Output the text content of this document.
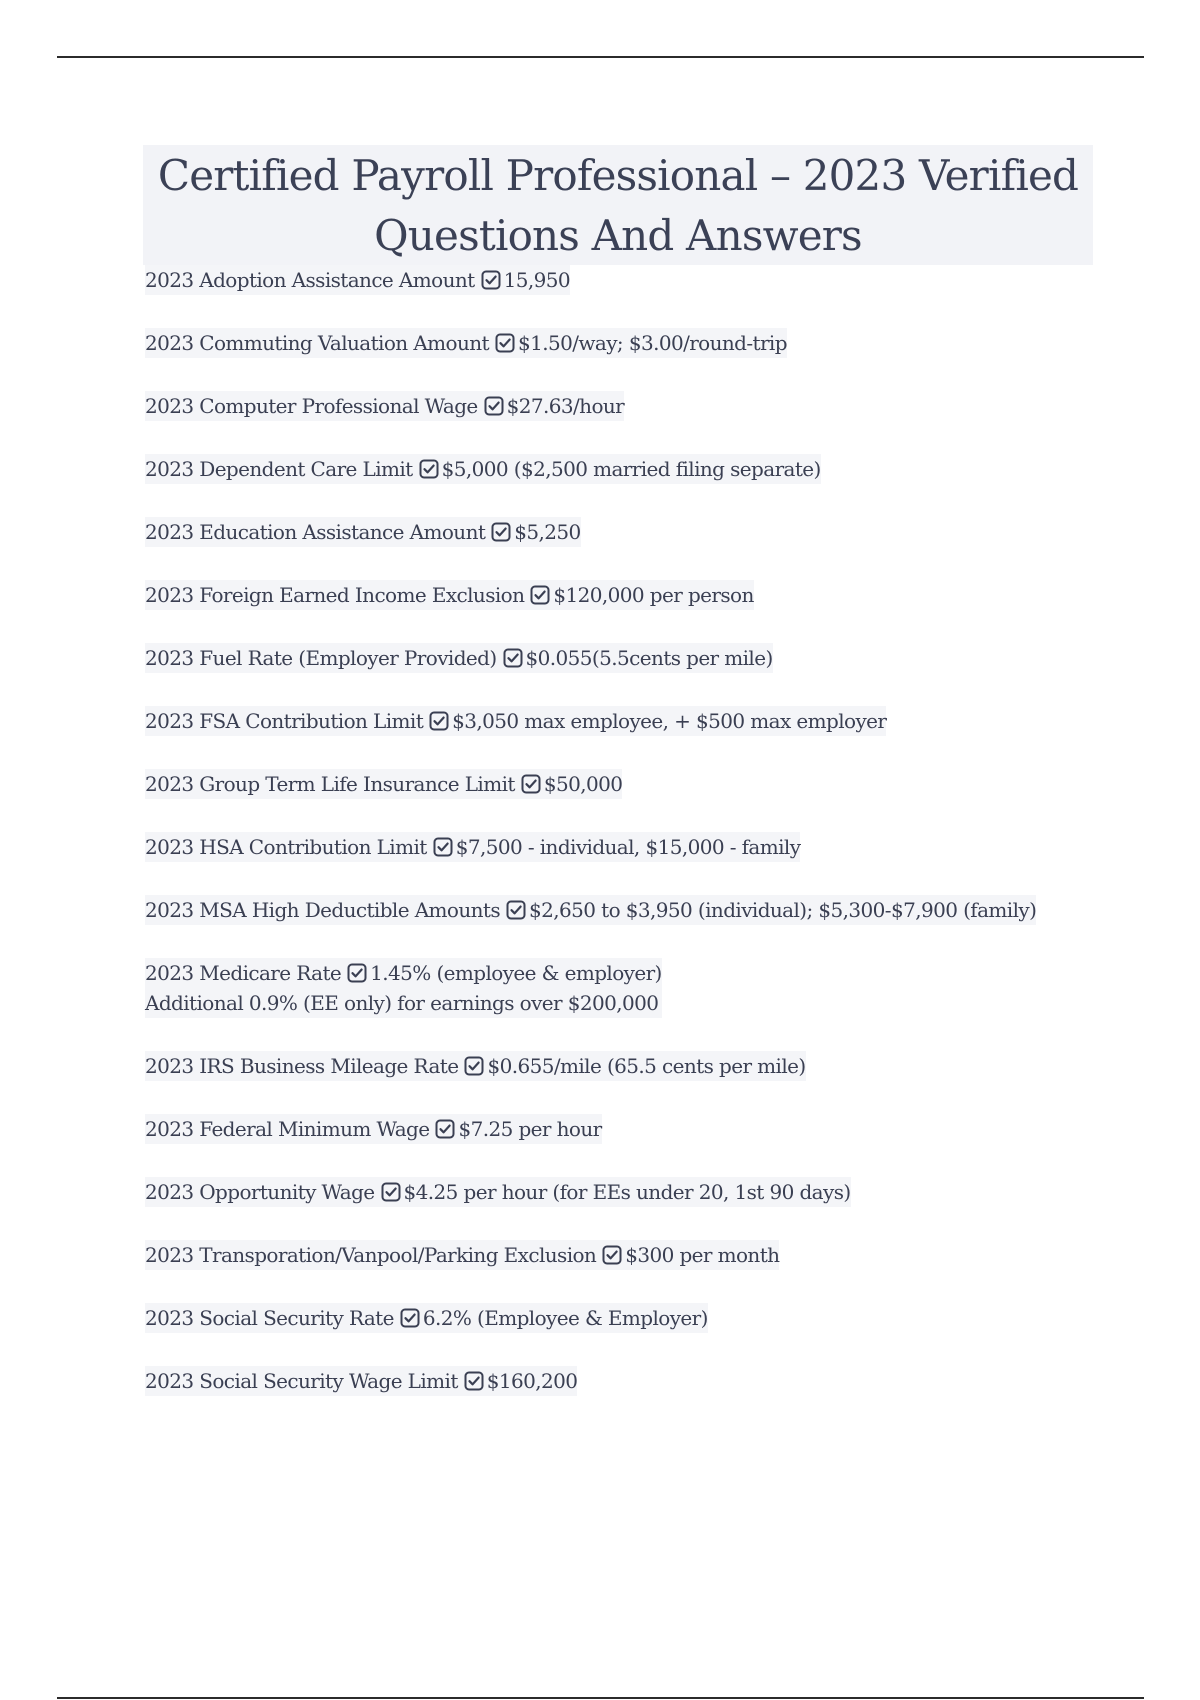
Certified Payroll Professional – 2023 Verified Questions And Answers
2023 Adoption Assistance Amount 15,950
2023 Commuting Valuation Amount $1.50/way; $3.00/round-trip
2023 Computer Professional Wage $27.63/hour
2023 Dependent Care Limit $5,000 ($2,500 married filing separate)
2023 Education Assistance Amount $5,250
2023 Foreign Earned Income Exclusion $120,000 per person
2023 Fuel Rate (Employer Provided) $0.055(5.5cents per mile)
2023 FSA Contribution Limit $3,050 max employee, + $500 max employer
2023 Group Term Life Insurance Limit $50,000
2023 HSA Contribution Limit $7,500 - individual, $15,000 - family
2023 MSA High Deductible Amounts $2,650 to $3,950 (individual); $5,300-$7,900 (family)
2023 Medicare Rate 1.45% (employee & employer)
Additional 0.9% (EE only) for earnings over $200,000
2023 IRS Business Mileage Rate $0.655/mile (65.5 cents per mile)
2023 Federal Minimum Wage $7.25 per hour
2023 Opportunity Wage $4.25 per hour (for EEs under 20, 1st 90 days)
2023 Transporation/Vanpool/Parking Exclusion $300 per month
2023 Social Security Rate 6.2% (Employee & Employer)
2023 Social Security Wage Limit $160,200
